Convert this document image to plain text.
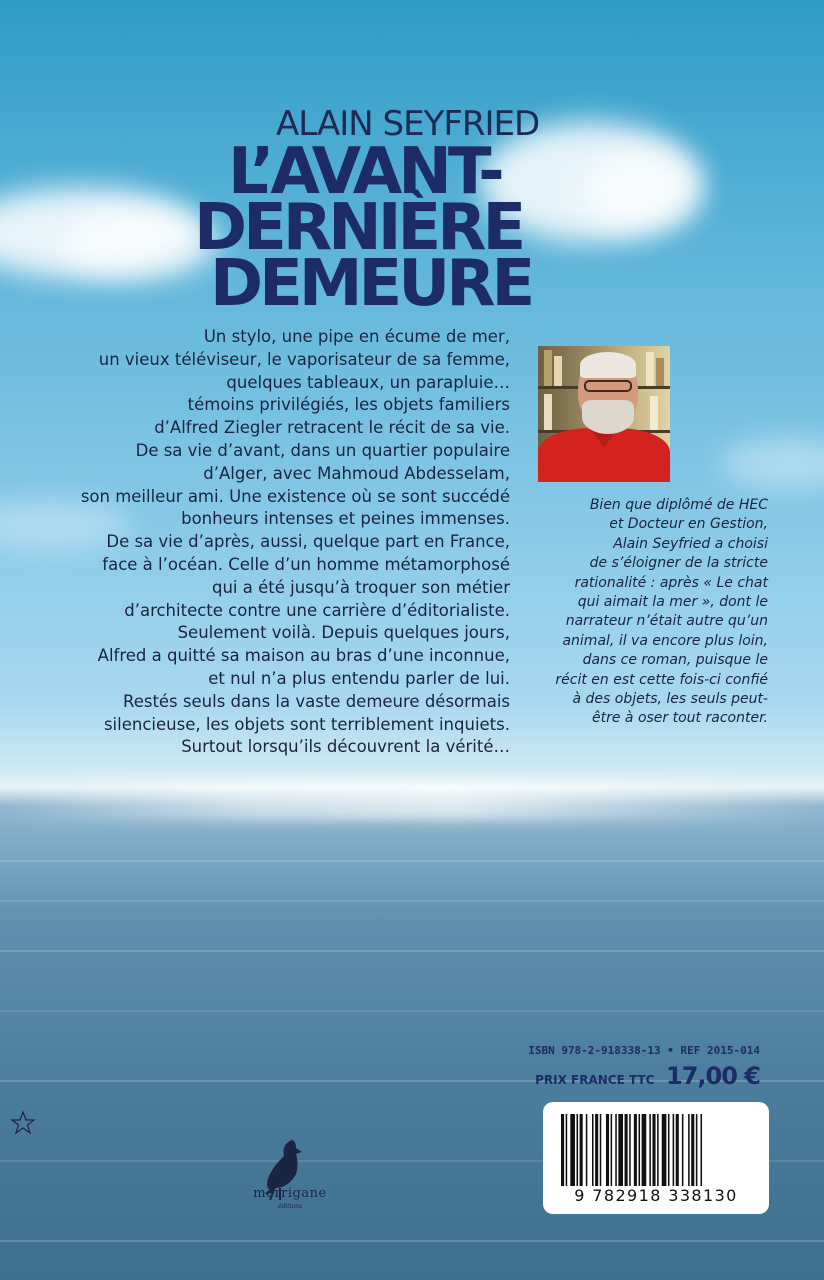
ALAIN SEYFRIED
L’AVANT-
DERNIÈRE
DEMEURE
Un stylo, une pipe en écume de mer,
un vieux téléviseur, le vaporisateur de sa femme,
quelques tableaux, un parapluie…
témoins privilégiés, les objets familiers
d’Alfred Ziegler retracent le récit de sa vie.
De sa vie d’avant, dans un quartier populaire
d’Alger, avec Mahmoud Abdesselam,
son meilleur ami. Une existence où se sont succédé
bonheurs intenses et peines immenses.
De sa vie d’après, aussi, quelque part en France,
face à l’océan. Celle d’un homme métamorphosé
qui a été jusqu’à troquer son métier
d’architecte contre une carrière d’éditorialiste.
Seulement voilà. Depuis quelques jours,
Alfred a quitté sa maison au bras d’une inconnue,
et nul n’a plus entendu parler de lui.
Restés seuls dans la vaste demeure désormais
silencieuse, les objets sont terriblement inquiets.
Surtout lorsqu’ils découvrent la vérité…
Bien que diplômé de HEC
et Docteur en Gestion,
Alain Seyfried a choisi
de s’éloigner de la stricte
rationalité : après « Le chat
qui aimait la mer », dont le
narrateur n’était autre qu’un
animal, il va encore plus loin,
dans ce roman, puisque le
récit en est cette fois-ci confié
à des objets, les seuls peut-
être à oser tout raconter.
ISBN 978-2-918338-13 • REF 2015-014
PRIX FRANCE TTC 17,00 €
9 782918 338130
morrigane
éditions
